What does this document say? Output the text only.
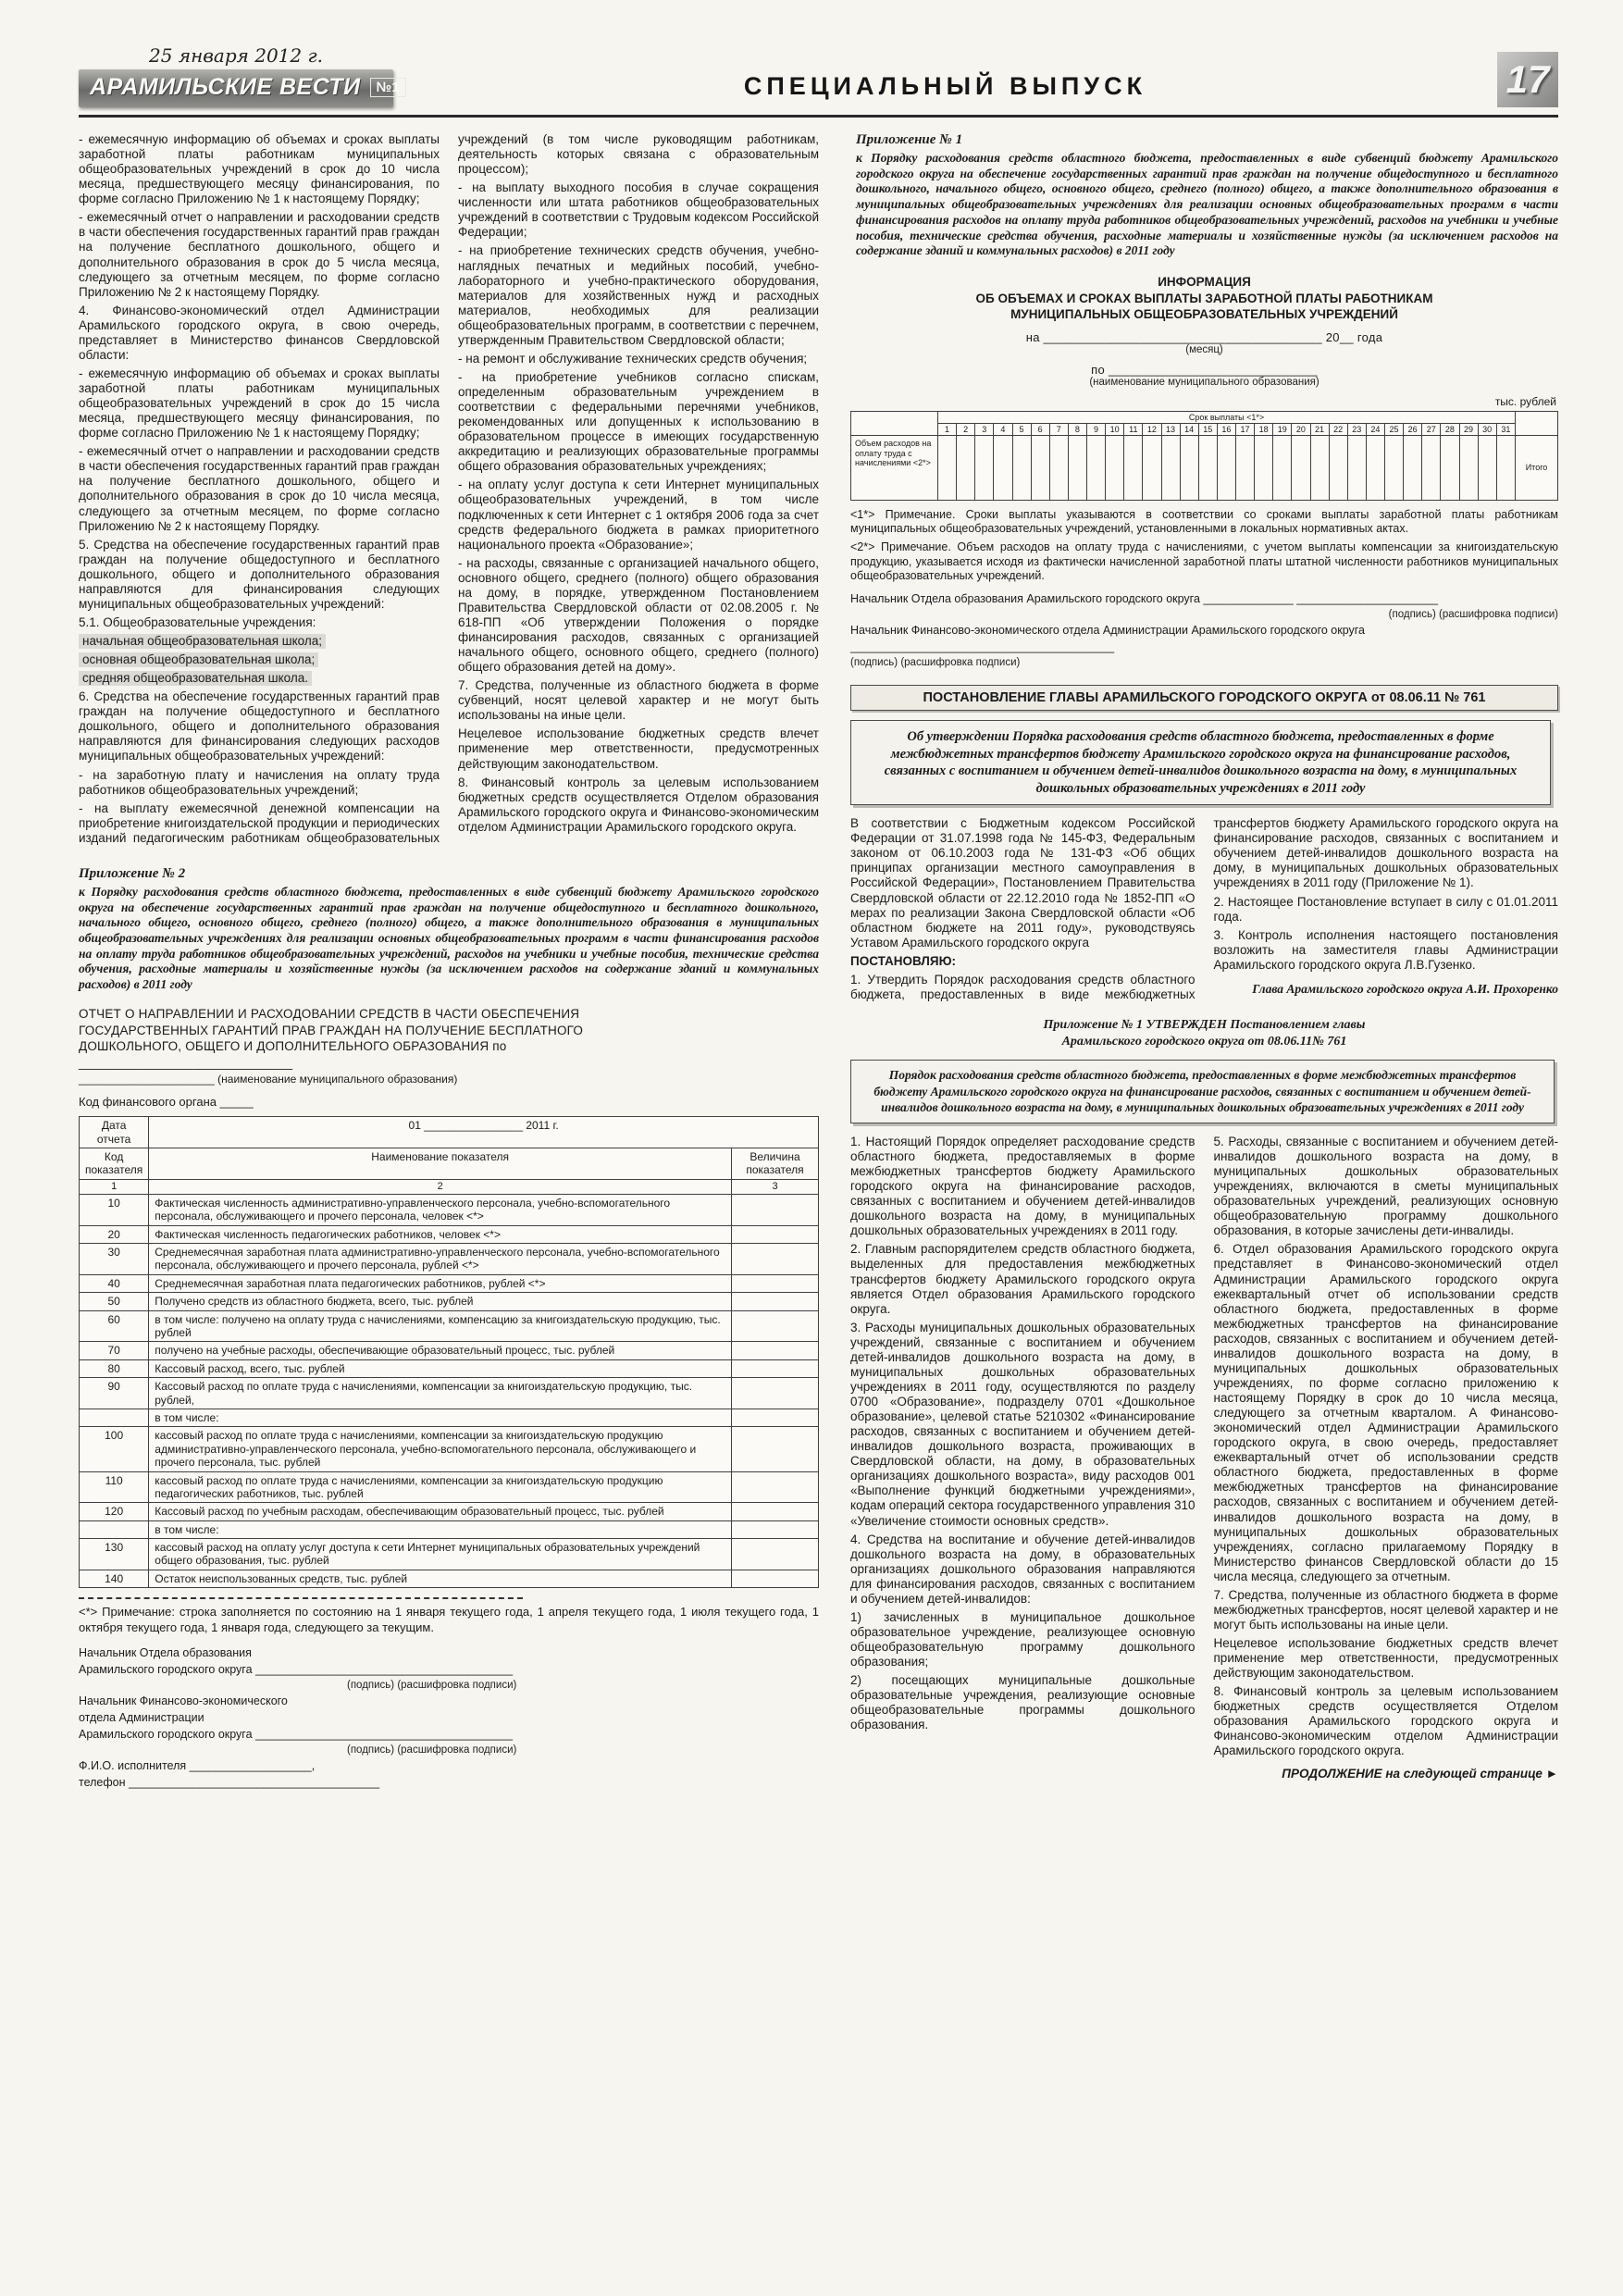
25 января 2012 г.
АРАМИЛЬСКИЕ ВЕСТИ	№1	СПЕЦИАЛЬНЫЙ ВЫПУСК	17

- ежемесячную информацию об объемах и сроках выплаты заработной платы работникам муниципальных общеобразовательных учреждений в срок до 10 числа месяца, предшествующего месяцу финансирования, по форме согласно Приложению № 1 к настоящему Порядку;

- ежемесячный отчет о направлении и расходовании средств в части обеспечения государственных гарантий прав граждан на получение бесплатного дошкольного, общего и дополнительного образования в срок до 5 числа месяца, следующего за отчетным месяцем, по форме согласно Приложению № 2 к настоящему Порядку.

4. Финансово-экономический отдел Администрации Арамильского городского округа, в свою очередь, представляет в Министерство финансов Свердловской области:

- ежемесячную информацию об объемах и сроках выплаты заработной платы работникам муниципальных общеобразовательных учреждений в срок до 15 числа месяца, предшествующего месяцу финансирования, по форме согласно Приложению № 1 к настоящему Порядку;

- ежемесячный отчет о направлении и расходовании средств в части обеспечения государственных гарантий прав граждан на получение бесплатного дошкольного, общего и дополнительного образования в срок до 10 числа месяца, следующего за отчетным месяцем, по форме согласно Приложению № 2 к настоящему Порядку.

5. Средства на обеспечение государственных гарантий прав граждан на получение общедоступного и бесплатного дошкольного, общего и дополнительного образования направляются для финансирования следующих муниципальных общеобразовательных учреждений:

5.1. Общеобразовательные учреждения:

начальная общеобразовательная школа;

основная общеобразовательная школа;

средняя общеобразовательная школа.

6. Средства на обеспечение государственных гарантий прав граждан на получение общедоступного и бесплатного дошкольного, общего и дополнительного образования направляются для финансирования следующих расходов муниципальных общеобразовательных учреждений:

- на заработную плату и начисления на оплату труда работников общеобразовательных учреждений;

- на выплату ежемесячной денежной компенсации на приобретение книгоиздательской продукции и периодических изданий педагогическим работникам общеобразовательных учреждений (в том числе руководящим работникам, деятельность которых связана с образовательным процессом);

- на выплату выходного пособия в случае сокращения численности или штата работников общеобразовательных учреждений в соответствии с Трудовым кодексом Российской Федерации;

- на приобретение технических средств обучения, учебно-наглядных печатных и медийных пособий, учебно-лабораторного и учебно-практического оборудования, материалов для хозяйственных нужд и расходных материалов, необходимых для реализации общеобразовательных программ, в соответствии с перечнем, утвержденным Правительством Свердловской области;

- на ремонт и обслуживание технических средств обучения;

- на приобретение учебников согласно спискам, определенным образовательным учреждением в соответствии с федеральными перечнями учебников, рекомендованных или допущенных к использованию в образовательном процессе в имеющих государственную аккредитацию и реализующих образовательные программы общего образования образовательных учреждениях;

- на оплату услуг доступа к сети Интернет муниципальных общеобразовательных учреждений, в том числе подключенных к сети Интернет с 1 октября 2006 года за счет средств федерального бюджета в рамках приоритетного национального проекта «Образование»;

- на расходы, связанные с организацией начального общего, основного общего, среднего (полного) общего образования на дому, в порядке, утвержденном Постановлением Правительства Свердловской области от 02.08.2005 г. № 618-ПП «Об утверждении Положения о порядке финансирования расходов, связанных с организацией начального общего, основного общего, среднего (полного) общего образования детей на дому».

7. Средства, полученные из областного бюджета в форме субвенций, носят целевой характер и не могут быть использованы на иные цели.

Нецелевое использование бюджетных средств влечет применение мер ответственности, предусмотренных действующим законодательством.

8. Финансовый контроль за целевым использованием бюджетных средств осуществляется Отделом образования Арамильского городского округа и Финансово-экономическим отделом Администрации Арамильского городского округа.

Приложение № 2
к Порядку расходования средств областного бюджета, предоставленных в виде субвенций бюджету Арамильского городского округа на обеспечение государственных гарантий прав граждан на получение общедоступного и бесплатного дошкольного, начального общего, основного общего, среднего (полного) общего, а также дополнительного образования в муниципальных общеобразовательных учреждениях для реализации основных общеобразовательных программ в части финансирования расходов на оплату труда работников общеобразовательных учреждений, расходов на учебники и учебные пособия, технические средства обучения, расходные материалы и хозяйственные нужды (за исключением расходов на содержание зданий и коммунальных расходов) в 2011 году
ОТЧЕТ О НАПРАВЛЕНИИ И РАСХОДОВАНИИ СРЕДСТВ В ЧАСТИ ОБЕСПЕЧЕНИЯ ГОСУДАРСТВЕННЫХ ГАРАНТИЙ ПРАВ ГРАЖДАН НА ПОЛУЧЕНИЕ БЕСПЛАТНОГО ДОШКОЛЬНОГО, ОБЩЕГО И ДОПОЛНИТЕЛЬНОГО ОБРАЗОВАНИЯ по ______________________________
______________________ (наименование муниципального образования)
Код финансового органа _____
Дата отчета	01 ________________ 2011 г.	
Код показателя	Наименование показателя	Величина показателя
1	2	3
10	Фактическая численность административно-управленческого персонала, учебно-вспомогательного персонала, обслуживающего и прочего персонала, человек <*>	
20	Фактическая численность педагогических работников, человек <*>	
30	Среднемесячная заработная плата административно-управленческого персонала, учебно-вспомогательного персонала, обслуживающего и прочего персонала, рублей <*>	
40	Среднемесячная заработная плата педагогических работников, рублей <*>	
50	Получено средств из областного бюджета, всего, тыс. рублей	
60	в том числе: получено на оплату труда с начислениями, компенсацию за книгоиздательскую продукцию, тыс. рублей	
70	получено на учебные расходы, обеспечивающие образовательный процесс, тыс. рублей	
80	Кассовый расход, всего, тыс. рублей	
90	Кассовый расход по оплате труда с начислениями, компенсации за книгоиздательскую продукцию, тыс. рублей,	
	в том числе:	
100	кассовый расход по оплате труда с начислениями, компенсации за книгоиздательскую продукцию административно-управленческого персонала, учебно-вспомогательного персонала, обслуживающего и прочего персонала, тыс. рублей	
110	кассовый расход по оплате труда с начислениями, компенсации за книгоиздательскую продукцию педагогических работников, тыс. рублей	
120	Кассовый расход по учебным расходам, обеспечивающим образовательный процесс, тыс. рублей	
	в том числе:	
130	кассовый расход на оплату услуг доступа к сети Интернет муниципальных образовательных учреждений общего образования, тыс. рублей	
140	Остаток неиспользованных средств, тыс. рублей	
<*> Примечание: строка заполняется по состоянию на 1 января текущего года, 1 апреля текущего года, 1 июля текущего года, 1 октября текущего года, 1 января года, следующего за текущим.

Начальник Отдела образования

Арамильского городского округа ________________________________________

(подпись) (расшифровка подписи)

Начальник Финансово-экономического

отдела Администрации

Арамильского городского округа ________________________________________

(подпись) (расшифровка подписи)

Ф.И.О. исполнителя ___________________,

телефон _______________________________________

Приложение № 1
к Порядку расходования средств областного бюджета, предоставленных в виде субвенций бюджету Арамильского городского округа на обеспечение государственных гарантий прав граждан на получение общедоступного и бесплатного дошкольного, начального общего, основного общего, среднего (полного) общего, а также дополнительного образования в муниципальных общеобразовательных учреждениях для реализации основных общеобразовательных программ в части финансирования расходов на оплату труда работников общеобразовательных учреждений, расходов на учебники и учебные пособия, технические средства обучения, расходные материалы и хозяйственные нужды (за исключением расходов на содержание зданий и коммунальных расходов) в 2011 году
ИНФОРМАЦИЯ
ОБ ОБЪЕМАХ И СРОКАХ ВЫПЛАТЫ ЗАРАБОТНОЙ ПЛАТЫ РАБОТНИКАМ
МУНИЦИПАЛЬНЫХ ОБЩЕОБРАЗОВАТЕЛЬНЫХ УЧРЕЖДЕНИЙ
на ________________________________________ 20__ года
(месяц)
по ______________________________
(наименование муниципального образования)
тыс. рублей
	Срок выплаты <1*>																															
	1	2	3	4	5	6	7	8	9	10	11	12	13	14	15	16	17	18	19	20	21	22	23	24	25	26	27	28	29	30	31	
Объем расходов на оплату труда с начислениями <2*>																																Итого
<1*> Примечание. Сроки выплаты указываются в соответствии со сроками выплаты заработной платы работникам муниципальных общеобразовательных учреждений, установленными в локальных нормативных актах.
<2*> Примечание. Объем расходов на оплату труда с начислениями, с учетом выплаты компенсации за книгоиздательскую продукцию, указывается исходя из фактически начисленной заработной платы штатной численности работников муниципальных общеобразовательных учреждений.
Начальник Отдела образования Арамильского городского округа ______________ ______________________
(подпись) (расшифровка подписи)
Начальник Финансово-экономического отдела Администрации Арамильского городского округа
_________________________________________
(подпись) (расшифровка подписи)
ПОСТАНОВЛЕНИЕ ГЛАВЫ АРАМИЛЬСКОГО ГОРОДСКОГО ОКРУГА от 08.06.11 № 761
Об утверждении Порядка расходования средств областного бюджета, предоставленных в форме межбюджетных трансфертов бюджету Арамильского городского округа на финансирование расходов, связанных с воспитанием и обучением детей-инвалидов дошкольного возраста на дому, в муниципальных дошкольных образовательных учреждениях в 2011 году

В соответствии с Бюджетным кодексом Российской Федерации от 31.07.1998 года № 145-ФЗ, Федеральным законом от 06.10.2003 года № 131-ФЗ «Об общих принципах организации местного самоуправления в Российской Федерации», Постановлением Правительства Свердловской области от 22.12.2010 года № 1852-ПП «О мерах по реализации Закона Свердловской области «Об областном бюджете на 2011 году», руководствуясь Уставом Арамильского городского округа

ПОСТАНОВЛЯЮ:

1. Утвердить Порядок расходования средств областного бюджета, предоставленных в виде межбюджетных трансфертов бюджету Арамильского городского округа на финансирование расходов, связанных с воспитанием и обучением детей-инвалидов дошкольного возраста на дому, в муниципальных дошкольных образовательных учреждениях в 2011 году (Приложение № 1).

2. Настоящее Постановление вступает в силу с 01.01.2011 года.

3. Контроль исполнения настоящего постановления возложить на заместителя главы Администрации Арамильского городского округа Л.В.Гузенко.

Глава Арамильского городского округа А.И. Прохоренко

Приложение № 1 УТВЕРЖДЕН Постановлением главы
Арамильского городского округа от 08.06.11№ 761
Порядок расходования средств областного бюджета, предоставленных в форме межбюджетных трансфертов бюджету Арамильского городского округа на финансирование расходов, связанных с воспитанием и обучением детей-инвалидов дошкольного возраста на дому, в муниципальных дошкольных образовательных учреждениях в 2011 году

1. Настоящий Порядок определяет расходование средств областного бюджета, предоставляемых в форме межбюджетных трансфертов бюджету Арамильского городского округа на финансирование расходов, связанных с воспитанием и обучением детей-инвалидов дошкольного возраста на дому, в муниципальных дошкольных образовательных учреждениях в 2011 году.

2. Главным распорядителем средств областного бюджета, выделенных для предоставления межбюджетных трансфертов бюджету Арамильского городского округа является Отдел образования Арамильского городского округа.

3. Расходы муниципальных дошкольных образовательных учреждений, связанные с воспитанием и обучением детей-инвалидов дошкольного возраста на дому, в муниципальных дошкольных образовательных учреждениях в 2011 году, осуществляются по разделу 0700 «Образование», подразделу 0701 «Дошкольное образование», целевой статье 5210302 «Финансирование расходов, связанных с воспитанием и обучением детей-инвалидов дошкольного возраста, проживающих в Свердловской области, на дому, в образовательных организациях дошкольного возраста», виду расходов 001 «Выполнение функций бюджетными учреждениями», кодам операций сектора государственного управления 310 «Увеличение стоимости основных средств».

4. Средства на воспитание и обучение детей-инвалидов дошкольного возраста на дому, в образовательных организациях дошкольного образования направляются для финансирования расходов, связанных с воспитанием и обучением детей-инвалидов:

1) зачисленных в муниципальное дошкольное образовательное учреждение, реализующее основную общеобразовательную программу дошкольного образования;

2) посещающих муниципальные дошкольные образовательные учреждения, реализующие основные общеобразовательные программы дошкольного образования.

5. Расходы, связанные с воспитанием и обучением детей-инвалидов дошкольного возраста на дому, в муниципальных дошкольных образовательных учреждениях, включаются в сметы муниципальных образовательных учреждений, реализующих основную общеобразовательную программу дошкольного образования, в которые зачислены дети-инвалиды.

6. Отдел образования Арамильского городского округа представляет в Финансово-экономический отдел Администрации Арамильского городского округа ежеквартальный отчет об использовании средств областного бюджета, предоставленных в форме межбюджетных трансфертов на финансирование расходов, связанных с воспитанием и обучением детей-инвалидов дошкольного возраста на дому, в муниципальных дошкольных образовательных учреждениях, по форме согласно приложению к настоящему Порядку в срок до 10 числа месяца, следующего за отчетным кварталом. А Финансово-экономический отдел Администрации Арамильского городского округа, в свою очередь, предоставляет ежеквартальный отчет об использовании средств областного бюджета, предоставленных в форме межбюджетных трансфертов на финансирование расходов, связанных с воспитанием и обучением детей-инвалидов дошкольного возраста на дому, в муниципальных дошкольных образовательных учреждениях, согласно прилагаемому Порядку в Министерство финансов Свердловской области до 15 числа месяца, следующего за отчетным.

7. Средства, полученные из областного бюджета в форме межбюджетных трансфертов, носят целевой характер и не могут быть использованы на иные цели.

Нецелевое использование бюджетных средств влечет применение мер ответственности, предусмотренных действующим законодательством.

8. Финансовый контроль за целевым использованием бюджетных средств осуществляется Отделом образования Арамильского городского округа и Финансово-экономическим отделом Администрации Арамильского городского округа.

ПРОДОЛЖЕНИЕ на следующей странице ►
